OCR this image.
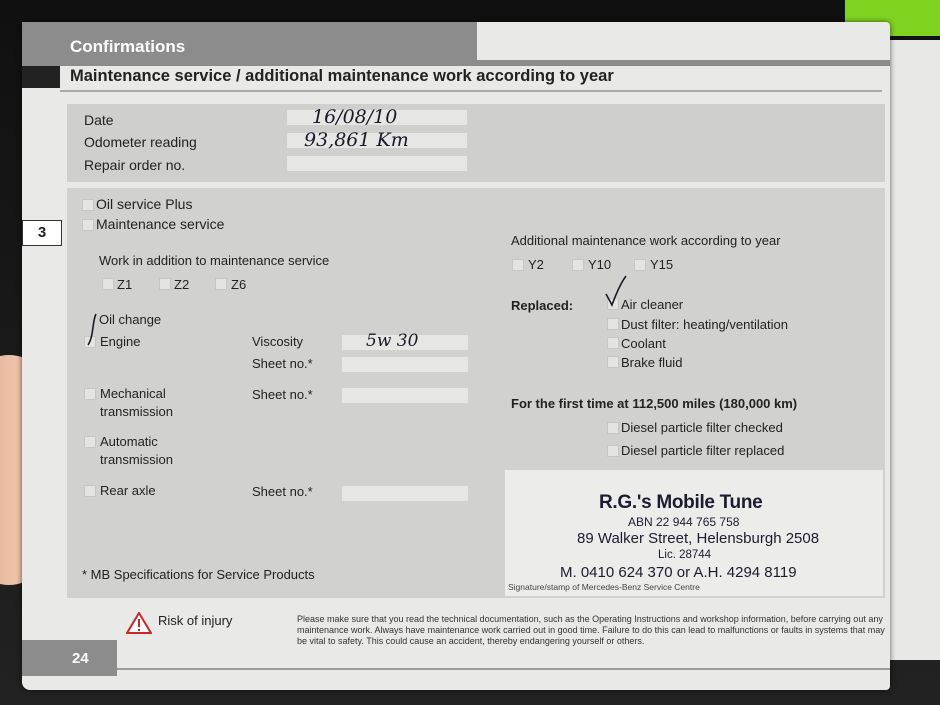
Confirmations
Maintenance service / additional maintenance work according to year
Date	16/08/10
Odometer reading	93,861 Km
Repair order no.
3
Oil service Plus
Maintenance service
Work in addition to maintenance service
Z1	Z2	Z6
Oil change
Engine	Viscosity	5w 30
Sheet no.*
Mechanical
transmission
Sheet no.*
Automatic
transmission
Rear axle	Sheet no.*
* MB Specifications for Service Products
Additional maintenance work according to year
Y2	Y10	Y15
Replaced:	Air cleaner
Dust filter: heating/ventilation
Coolant
Brake fluid
For the first time at 112,500 miles (180,000 km)
Diesel particle filter checked
Diesel particle filter replaced
R.G.'s Mobile Tune
ABN 22 944 765 758
89 Walker Street, Helensburgh 2508
Lic. 28744
M. 0410 624 370 or A.H. 4294 8119
Signature/stamp of Mercedes-Benz Service Centre
Risk of injury	Please make sure that you read the technical documentation, such as the Operating Instructions and workshop information, before carrying out any maintenance work. Always have maintenance work carried out in good time. Failure to do this can lead to malfunctions or faults in systems that may be vital to safety. This could cause an accident, thereby endangering yourself or others.
24
